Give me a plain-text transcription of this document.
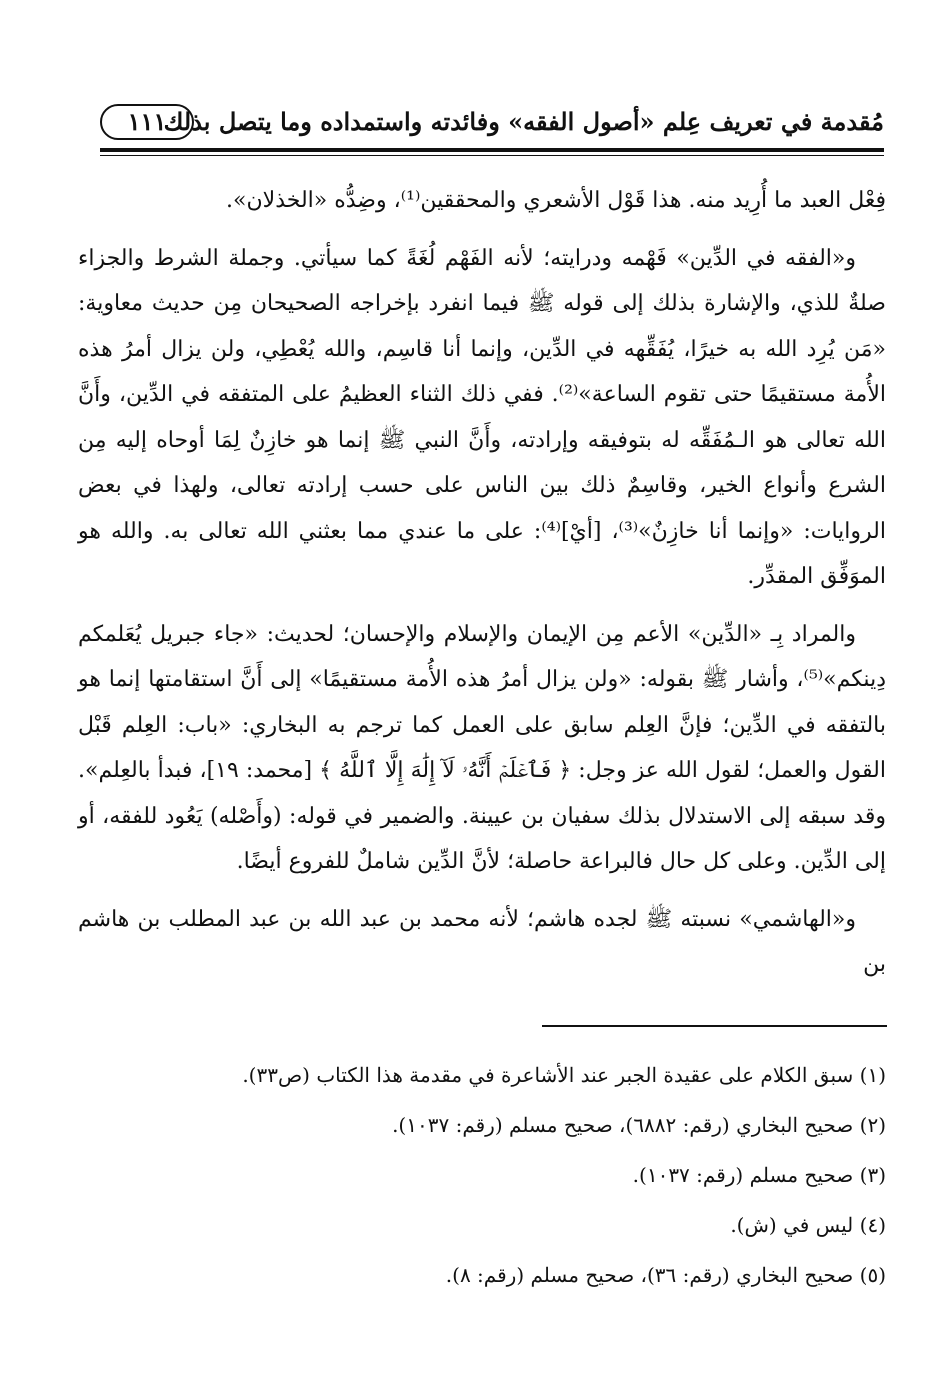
١١١
مُقدمة في تعريف عِلم «أصول الفقه» وفائدته واستمداده وما يتصل بذلك

فِعْل العبد ما أُرِيد منه. هذا قَوْل الأشعري والمحققين⁽¹⁾، وضِدُّه «الخذلان».

و«الفقه في الدِّين» فَهْمه ودرايته؛ لأنه الفَهْم لُغَةً كما سيأتي. وجملة الشرط والجزاء صلةٌ للذي، والإشارة بذلك إلى قوله ﷺ فيما انفرد بإخراجه الصحيحان مِن حديث معاوية: «مَن يُرِد الله به خيرًا، يُفَقِّهه في الدِّين، وإنما أنا قاسِم، والله يُعْطِي، ولن يزال أمرُ هذه الأُمة مستقيمًا حتى تقوم الساعة»⁽²⁾. ففي ذلك الثناء العظيمُ على المتفقه في الدِّين، وأَنَّ الله تعالى هو الـمُفَقِّه له بتوفيقه وإرادته، وأَنَّ النبي ﷺ إنما هو خازِنٌ لِمَا أوحاه إليه مِن الشرع وأنواع الخير، وقاسِمٌ ذلك بين الناس على حسب إرادته تعالى، ولهذا في بعض الروايات: «وإنما أنا خازِنٌ»⁽³⁾، [أيْ]⁽⁴⁾: على ما عندي مما بعثني الله تعالى به. والله هو الموَفِّق المقدِّر.

والمراد بِـ «الدِّين» الأعم مِن الإيمان والإسلام والإحسان؛ لحديث: «جاء جبريل يُعَلمكم دِينكم»⁽⁵⁾، وأشار ﷺ بقوله: «ولن يزال أمرُ هذه الأُمة مستقيمًا» إلى أَنَّ استقامتها إنما هو بالتفقه في الدِّين؛ فإنَّ العِلم سابق على العمل كما ترجم به البخاري: «باب: العِلم قَبْل القول والعمل؛ لقول الله عز وجل: ﴿ فَٱعۡلَمۡ أَنَّهُۥ لَآ إِلَٰهَ إِلَّا ٱللَّهُ ﴾ [محمد: ١٩]، فبدأ بالعِلم». وقد سبقه إلى الاستدلال بذلك سفيان بن عيينة. والضمير في قوله: (وأَصْله) يَعُود للفقه، أو إلى الدِّين. وعلى كل حال فالبراعة حاصلة؛ لأنَّ الدِّين شاملٌ للفروع أيضًا.

و«الهاشمي» نسبته ﷺ لجده هاشم؛ لأنه محمد بن عبد الله بن عبد المطلب بن هاشم بن

(١) سبق الكلام على عقيدة الجبر عند الأشاعرة في مقدمة هذا الكتاب (ص٣٣).

(٢) صحيح البخاري (رقم: ٦٨٨٢)، صحيح مسلم (رقم: ١٠٣٧).

(٣) صحيح مسلم (رقم: ١٠٣٧).

(٤) ليس في (ش).

(٥) صحيح البخاري (رقم: ٣٦)، صحيح مسلم (رقم: ٨).
